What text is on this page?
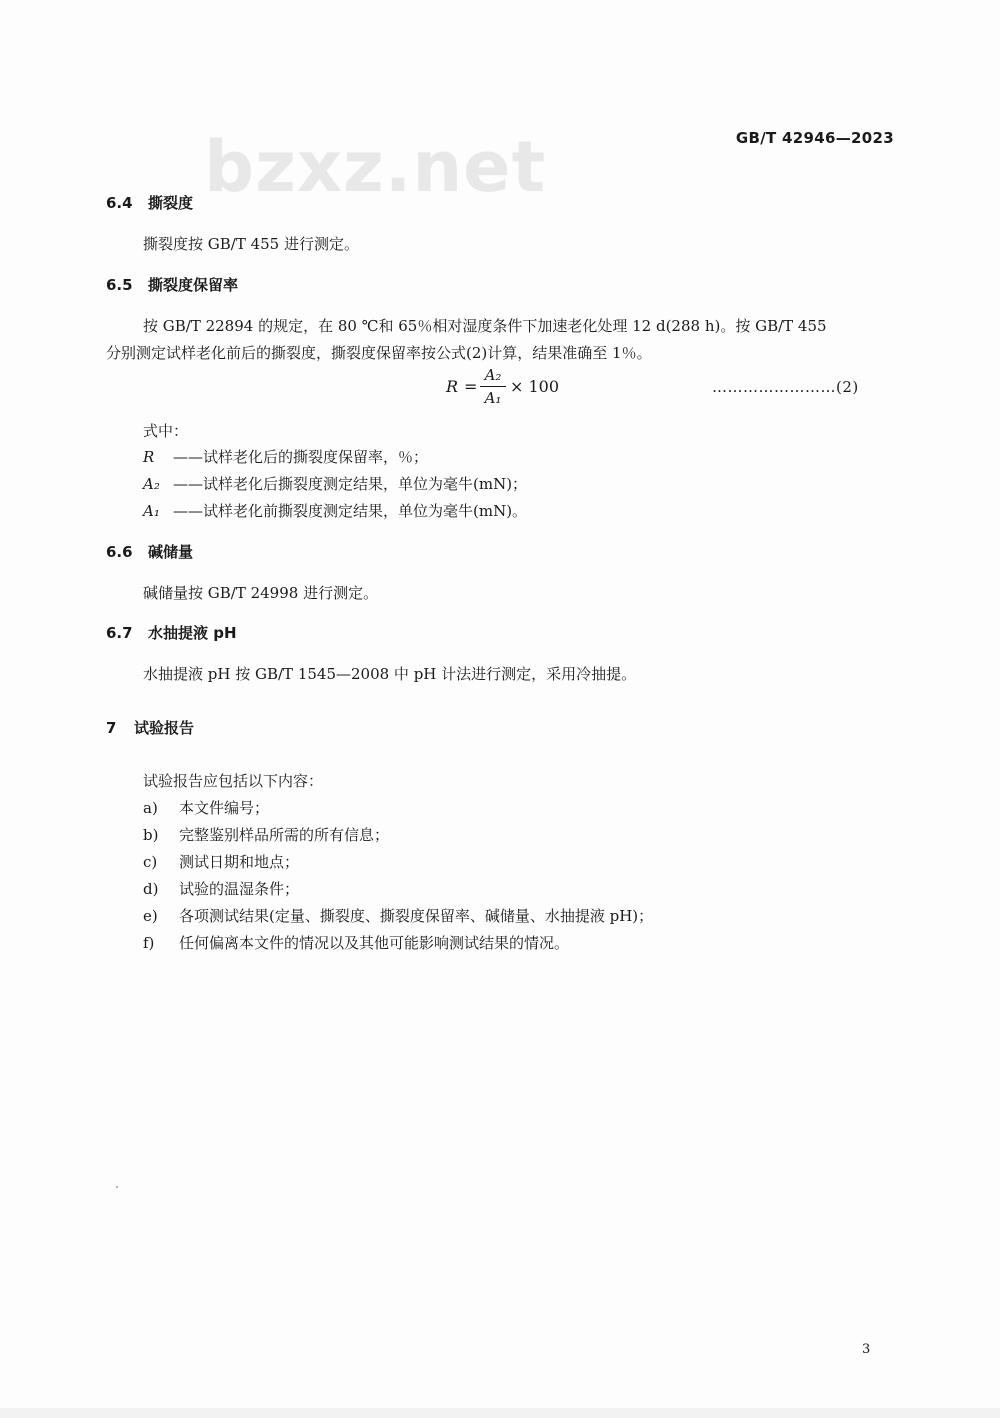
bzxz.net	GB/T 42946—2023
6.4 撕裂度
撕裂度按 GB/T 455 进行测定。
6.5 撕裂度保留率
按 GB/T 22894 的规定，在 80 ℃和 65％相对湿度条件下加速老化处理 12 d(288 h)。按 GB/T 455
分别测定试样老化前后的撕裂度，撕裂度保留率按公式(2)计算，结果准确至 1％。
R =
A₂
A₁
× 100	……………………(2)
式中：
R ——试样老化后的撕裂度保留率，％；
A₂ ——试样老化后撕裂度测定结果，单位为毫牛(mN)；
A₁ ——试样老化前撕裂度测定结果，单位为毫牛(mN)。
6.6 碱储量
碱储量按 GB/T 24998 进行测定。
6.7 水抽提液 pH
水抽提液 pH 按 GB/T 1545—2008 中 pH 计法进行测定，采用冷抽提。
7 试验报告
试验报告应包括以下内容：
a) 本文件编号；
b) 完整鉴别样品所需的所有信息；
c) 测试日期和地点；
d) 试验的温湿条件；
e) 各项测试结果(定量、撕裂度、撕裂度保留率、碱储量、水抽提液 pH)；
f) 任何偏离本文件的情况以及其他可能影响测试结果的情况。
3
